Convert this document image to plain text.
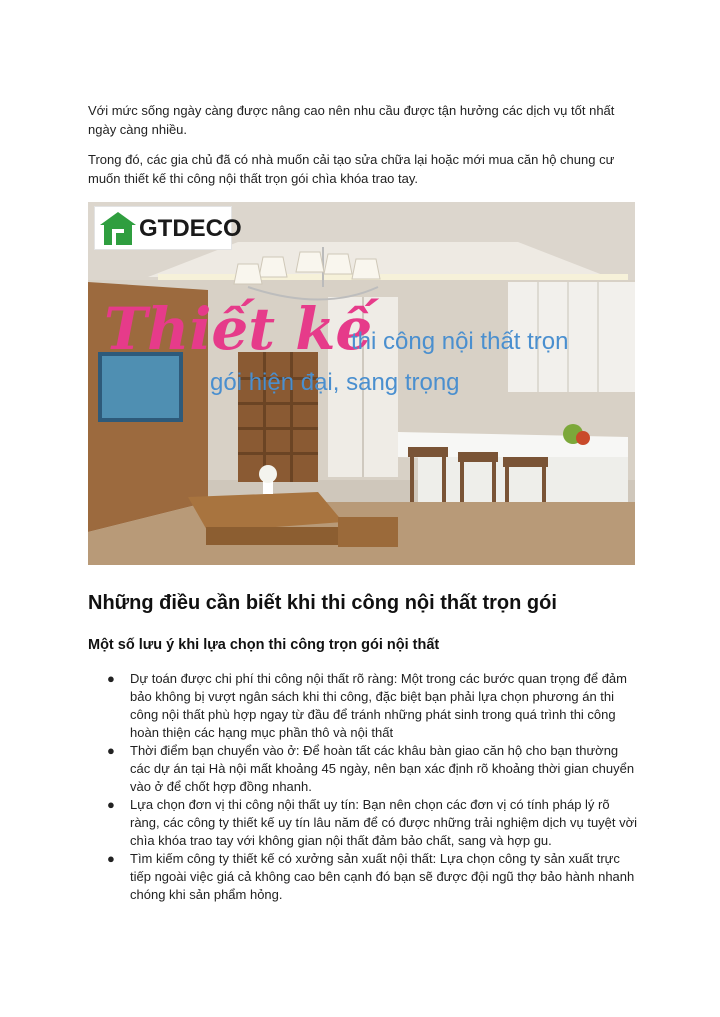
Với mức sống ngày càng được nâng cao nên nhu cầu được tận hưởng các dịch vụ tốt nhất ngày càng nhiều.

Trong đó, các gia chủ đã có nhà muốn cải tạo sửa chữa lại hoặc mới mua căn hộ chung cư muốn thiết kế thi công nội thất trọn gói chìa khóa trao tay.

GTDECO
Thiết kế
thi công nội thất trọn
gói hiện đại, sang trọng
Những điều cần biết khi thi công nội thất trọn gói
Một số lưu ý khi lựa chọn thi công trọn gói nội thất
● Dự toán được chi phí thi công nội thất rõ ràng: Một trong các bước quan trọng để đảm bảo không bị vượt ngân sách khi thi công, đặc biệt bạn phải lựa chọn phương án thi công nội thất phù hợp ngay từ đầu để tránh những phát sinh trong quá trình thi công hoàn thiện các hạng mục phần thô và nội thất
● Thời điểm bạn chuyển vào ở: Để hoàn tất các khâu bàn giao căn hộ cho bạn thường các dự án tại Hà nội mất khoảng 45 ngày, nên bạn xác định rõ khoảng thời gian chuyển vào ở để chốt hợp đồng nhanh.
● Lựa chọn đơn vị thi công nội thất uy tín: Bạn nên chọn các đơn vị có tính pháp lý rõ ràng, các công ty thiết kế uy tín lâu năm để có được những trải nghiệm dịch vụ tuyệt vời chìa khóa trao tay với không gian nội thất đảm bảo chất, sang và hợp gu.
● Tìm kiếm công ty thiết kế có xưởng sản xuất nội thất: Lựa chọn công ty sản xuất trực tiếp ngoài việc giá cả không cao bên cạnh đó bạn sẽ được đội ngũ thợ bảo hành nhanh chóng khi sản phẩm hỏng.
